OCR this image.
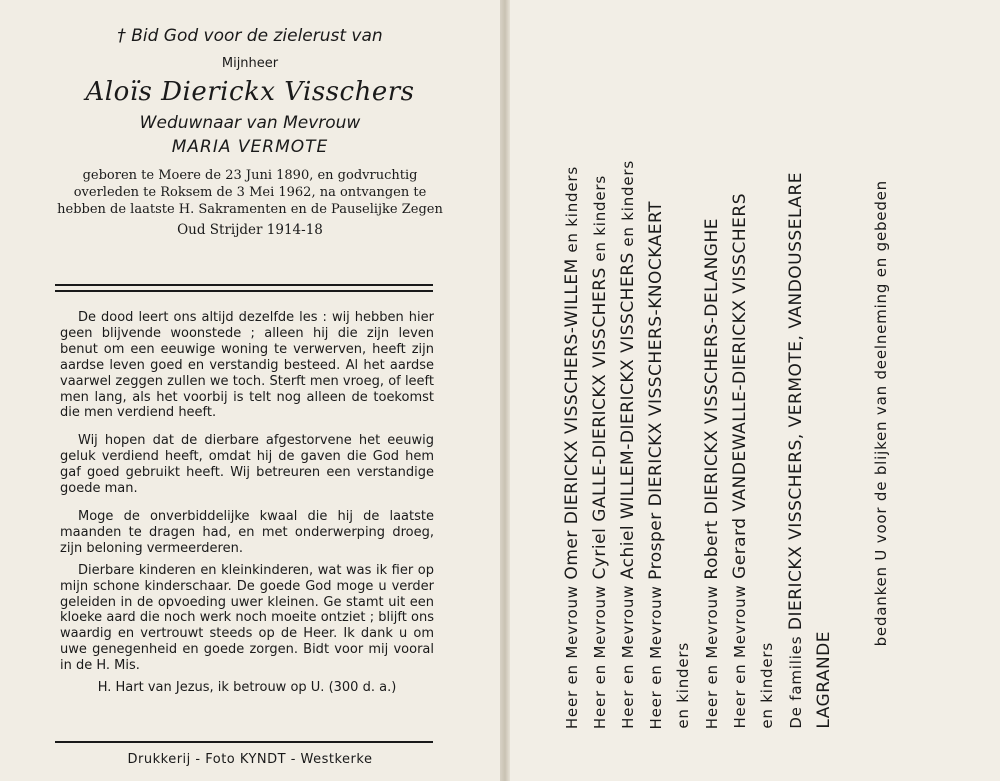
† Bid God voor de zielerust van
Mijnheer
Aloïs Dierickx Visschers
Weduwnaar van Mevrouw
MARIA VERMOTE
geboren te Moere de 23 Juni 1890, en godvruchtig overleden te Roksem de 3 Mei 1962, na ontvangen te hebben de laatste H. Sakramenten en de Pauselijke Zegen
Oud Strijder 1914-18

De dood leert ons altijd dezelfde les : wij hebben hier geen blijvende woonstede ; alleen hij die zijn leven benut om een eeuwige woning te verwerven, heeft zijn aardse leven goed en verstandig besteed. Al het aardse vaarwel zeggen zullen we toch. Sterft men vroeg, of leeft men lang, als het voorbij is telt nog alleen de toekomst die men verdiend heeft.

Wij hopen dat de dierbare afgestorvene het eeuwig geluk verdiend heeft, omdat hij de gaven die God hem gaf goed gebruikt heeft. Wij betreuren een verstandige goede man.

Moge de onverbiddelijke kwaal die hij de laatste maanden te dragen had, en met onderwerping droeg, zijn beloning vermeerderen.

Dierbare kinderen en kleinkinderen, wat was ik fier op mijn schone kinderschaar. De goede God moge u verder geleiden in de opvoeding uwer kleinen. Ge stamt uit een kloeke aard die noch werk noch moeite ontziet ; blijft ons waardig en vertrouwt steeds op de Heer. Ik dank u om uwe genegenheid en goede zorgen. Bidt voor mij vooral in de H. Mis.

H. Hart van Jezus, ik betrouw op U. (300 d. a.)

Drukkerij - Foto KYNDT - Westkerke
Heer en Mevrouw Omer DIERICKX VISSCHERS-WILLEM en kinders
Heer en Mevrouw Cyriel GALLE-DIERICKX VISSCHERS en kinders
Heer en Mevrouw Achiel WILLEM-DIERICKX VISSCHERS en kinders
Heer en Mevrouw Prosper DIERICKX VISSCHERS-KNOCKAERT
en kinders Heer en Mevrouw Robert DIERICKX VISSCHERS-DELANGHE
Heer en Mevrouw Gerard VANDEWALLE-DIERICKX VISSCHERS
en kinders De families DIERICKX VISSCHERS, VERMOTE, VANDOUSSELARE
LAGRANDE
bedanken U voor de blijken van deelneming en gebeden
